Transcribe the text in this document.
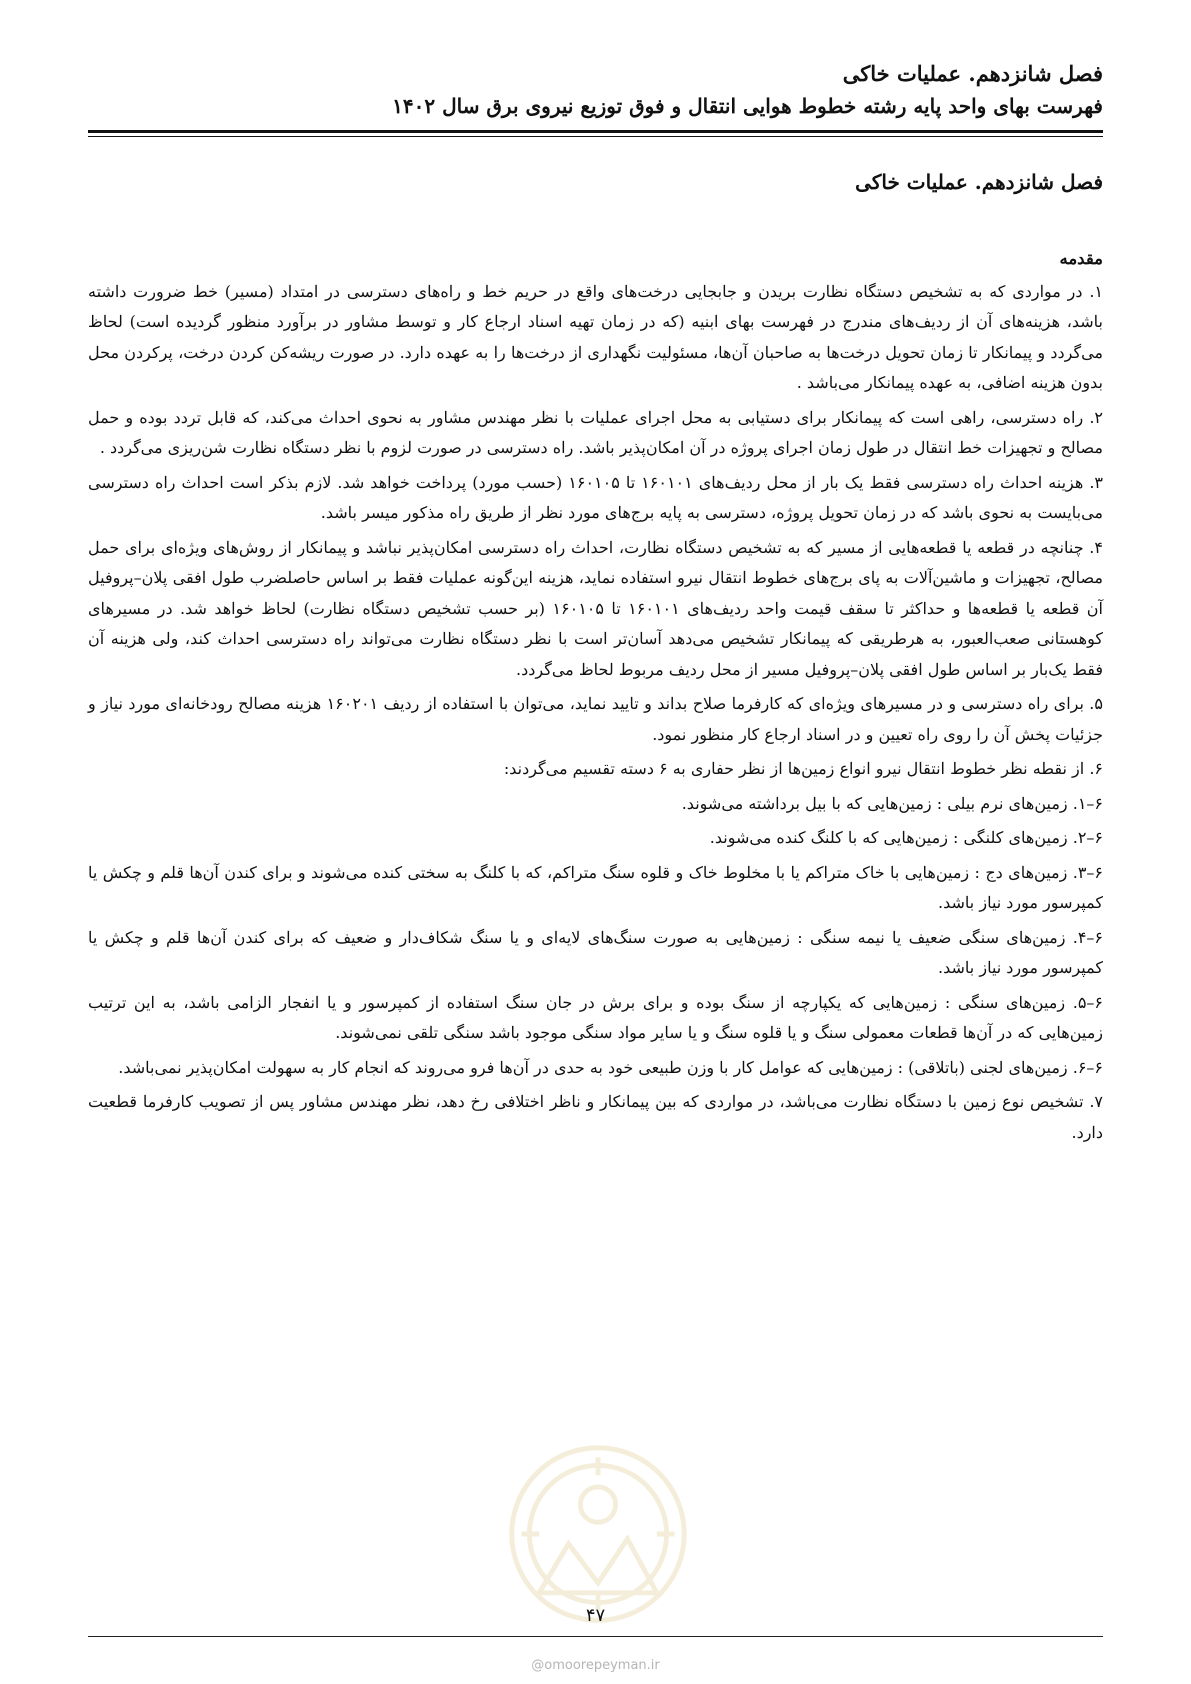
فصل شانزدهم. عملیات خاکی
فهرست بهای واحد پایه رشته خطوط هوایی انتقال و فوق توزیع نیروی برق سال ۱۴۰۲
فصل شانزدهم. عملیات خاکی
مقدمه

۱. در مواردی که به تشخیص دستگاه نظارت بریدن و جابجایی درخت‌های واقع در حریم خط و راه‌های دسترسی در امتداد (مسیر) خط ضرورت داشته باشد، هزینه‌های آن از ردیف‌های مندرج در فهرست بهای ابنیه (که در زمان تهیه اسناد ارجاع کار و توسط مشاور در برآورد منظور گردیده است) لحاظ می‌گردد و پیمانکار تا زمان تحویل درخت‌ها به صاحبان آن‌ها، مسئولیت نگهداری از درخت‌ها را به عهده دارد. در صورت ریشه‌کن کردن درخت، پرکردن محل بدون هزینه اضافی، به عهده پیمانکار می‌باشد .

۲. راه دسترسی، راهی است که پیمانکار برای دستیابی به محل اجرای عملیات با نظر مهندس مشاور به نحوی احداث می‌کند، که قابل تردد بوده و حمل مصالح و تجهیزات خط انتقال در طول زمان اجرای پروژه در آن امکان‌پذیر باشد. راه دسترسی در صورت لزوم با نظر دستگاه نظارت شن‌ریزی می‌گردد .

۳. هزینه احداث راه دسترسی فقط یک بار از محل ردیف‌های ۱۶۰۱۰۱ تا ۱۶۰۱۰۵ (حسب مورد) پرداخت خواهد شد. لازم بذکر است احداث راه دسترسی می‌بایست به نحوی باشد که در زمان تحویل پروژه، دسترسی به پایه برج‌های مورد نظر از طریق راه مذکور میسر باشد.

۴. چنانچه در قطعه یا قطعه‌هایی از مسیر که به تشخیص دستگاه نظارت، احداث راه دسترسی امکان‌پذیر نباشد و پیمانکار از روش‌های ویژه‌ای برای حمل مصالح، تجهیزات و ماشین‌آلات به پای برج‌های خطوط انتقال نیرو استفاده نماید، هزینه این‌گونه عملیات فقط بر اساس حاصلضرب طول افقی پلان–پروفیل آن قطعه یا قطعه‌ها و حداکثر تا سقف قیمت واحد ردیف‌های ۱۶۰۱۰۱ تا ۱۶۰۱۰۵ (بر حسب تشخیص دستگاه نظارت) لحاظ خواهد شد. در مسیرهای کوهستانی صعب‌العبور، به هرطریقی که پیمانکار تشخیص می‌دهد آسان‌تر است با نظر دستگاه نظارت می‌تواند راه دسترسی احداث کند، ولی هزینه آن فقط یک‌بار بر اساس طول افقی پلان–پروفیل مسیر از محل ردیف مربوط لحاظ می‌گردد.

۵. برای راه دسترسی و در مسیرهای ویژه‌ای که کارفرما صلاح بداند و تایید نماید، می‌توان با استفاده از ردیف ۱۶۰۲۰۱ هزینه مصالح رودخانه‌ای مورد نیاز و جزئیات پخش آن را روی راه تعیین و در اسناد ارجاع کار منظور نمود.

۶. از نقطه نظر خطوط انتقال نیرو انواع زمین‌ها از نظر حفاری به ۶ دسته تقسیم می‌گردند:

۶–۱. زمین‌های نرم بیلی : زمین‌هایی که با بیل برداشته می‌شوند.

۶–۲. زمین‌های کلنگی : زمین‌هایی که با کلنگ کنده می‌شوند.

۶–۳. زمین‌های دج : زمین‌هایی با خاک متراکم یا با مخلوط خاک و قلوه سنگ متراکم، که با کلنگ به سختی کنده می‌شوند و برای کندن آن‌ها قلم و چکش یا کمپرسور مورد نیاز باشد.

۶–۴. زمین‌های سنگی ضعیف یا نیمه سنگی : زمین‌هایی به صورت سنگ‌های لایه‌ای و یا سنگ شکاف‌دار و ضعیف که برای کندن آن‌ها قلم و چکش یا کمپرسور مورد نیاز باشد.

۶–۵. زمین‌های سنگی : زمین‌هایی که یکپارچه از سنگ بوده و برای برش در جان سنگ استفاده از کمپرسور و یا انفجار الزامی باشد، به این ترتیب زمین‌هایی که در آن‌ها قطعات معمولی سنگ و یا قلوه سنگ و یا سایر مواد سنگی موجود باشد سنگی تلقی نمی‌شوند.

۶–۶. زمین‌های لجنی (باتلاقی) : زمین‌هایی که عوامل کار با وزن طبیعی خود به حدی در آن‌ها فرو می‌روند که انجام کار به سهولت امکان‌پذیر نمی‌باشد.

۷. تشخیص نوع زمین با دستگاه نظارت می‌باشد، در مواردی که بین پیمانکار و ناظر اختلافی رخ دهد، نظر مهندس مشاور پس از تصویب کارفرما قطعیت دارد.

۴۷
@omoorepeyman.ir
